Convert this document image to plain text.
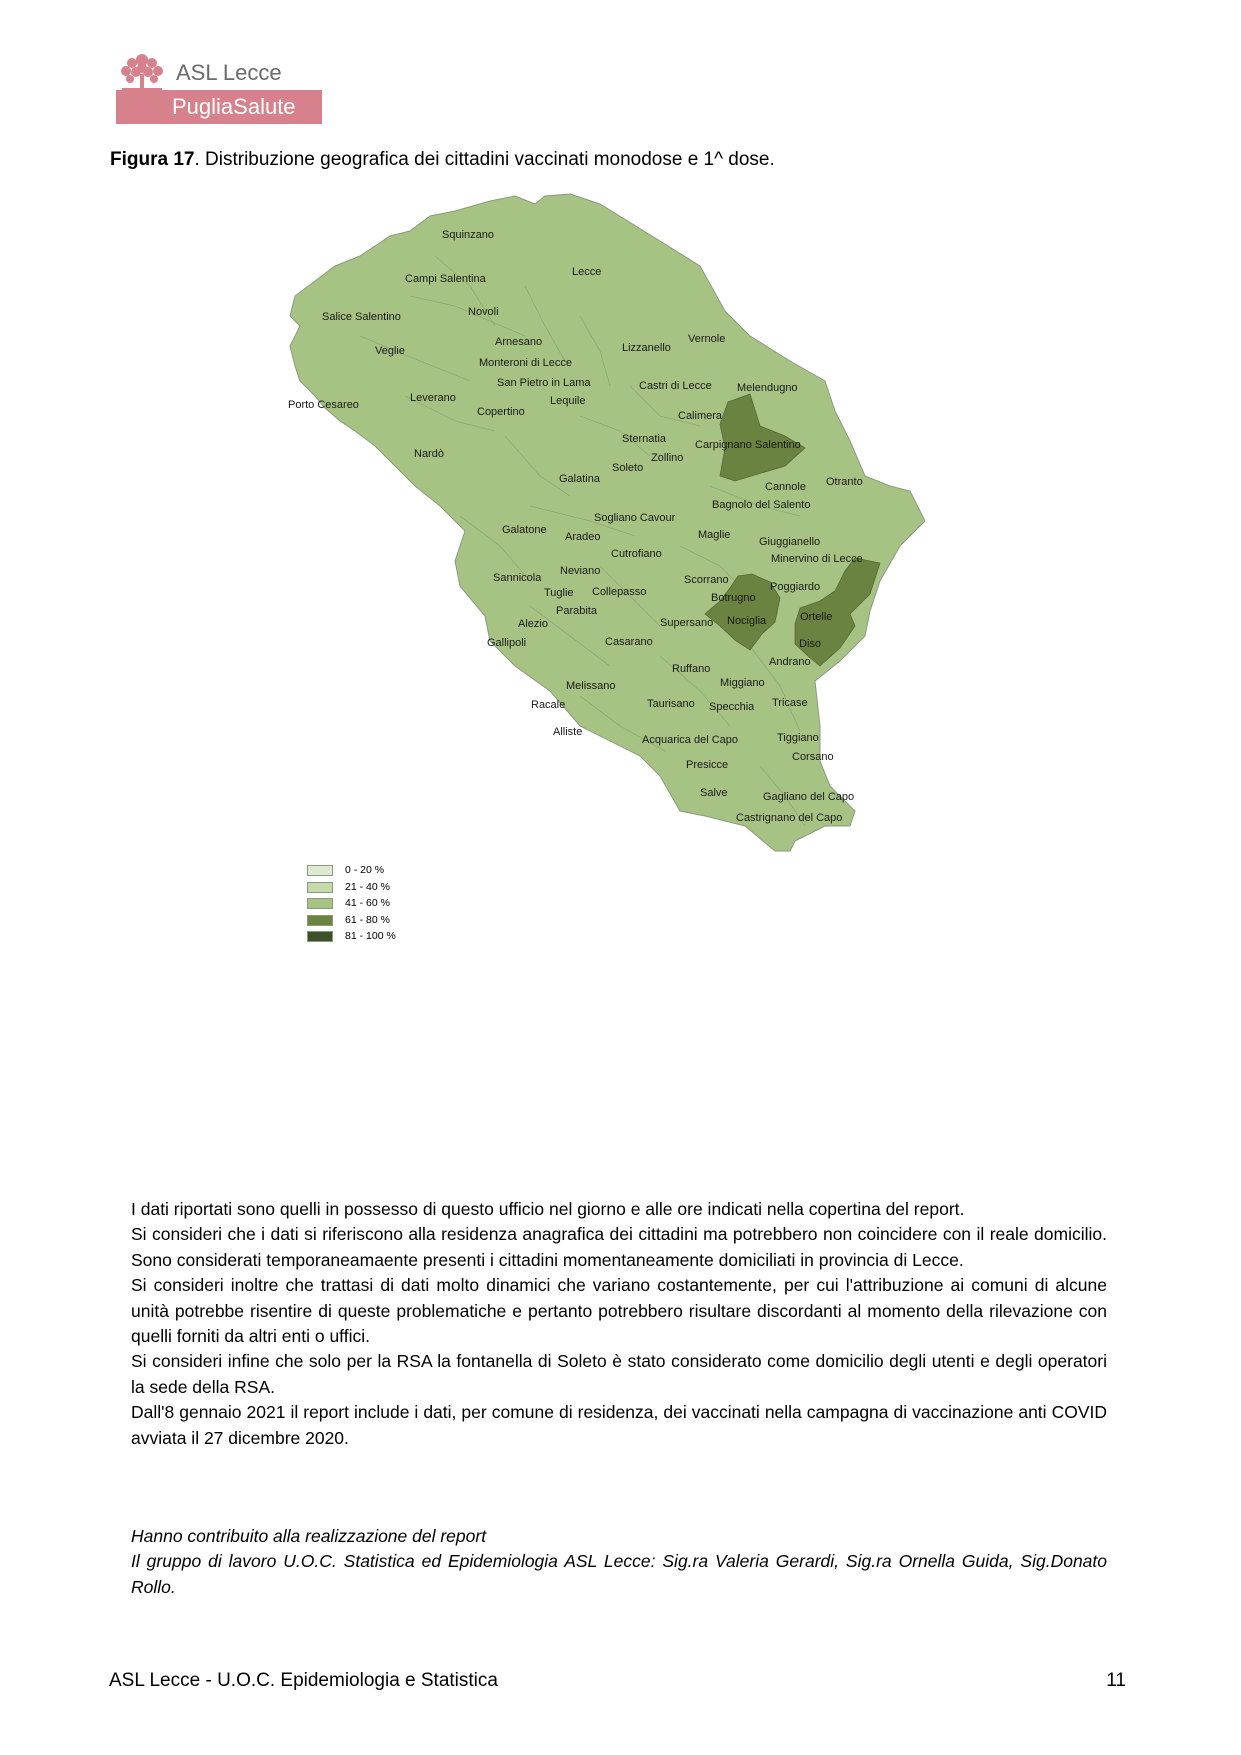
ASL Lecce
PugliaSalute
Figura 17. Distribuzione geografica dei cittadini vaccinati monodose e 1^ dose.
Squinzano
Lecce
Campi Salentina
Salice Salentino	Novoli
Veglie
Arnesano
Monteroni di Lecce
Lizzanello
Vernole
San Pietro in Lama	Castri di Lecce Melendugno
Porto Cesareo
Leverano	Lequile
Copertino	Calimera
Carpignano Salentino
Nardò
Sternatia
Zollino
Soleto
Galatina
Cannole Otranto
Bagnolo del Salento
Sogliano Cavour
Galatone
Aradeo	Maglie
Giuggianello
Cutrofiano	Minervino di Lecce
Neviano
Sannicola	Scorrano
Tuglie Collepasso	Poggiardo
Botrugno
Parabita
Alezio	Supersano Nociglia	Ortelle
Gallipoli	Casarano	Diso
Andrano
Ruffano
Melissano	Miggiano
Racale	Taurisano Specchia Tricase
Alliste
Acquarica del Capo	Tiggiano
Corsano
Presicce
Salve	Gagliano del Capo
Castrignano del Capo
0 - 20 %
21 - 40 %
41 - 60 %
61 - 80 %
81 - 100 %

I dati riportati sono quelli in possesso di questo ufficio nel giorno e alle ore indicati nella copertina del report.

Si consideri che i dati si riferiscono alla residenza anagrafica dei cittadini ma potrebbero non coincidere con il reale domicilio. Sono considerati temporaneamaente presenti i cittadini momentaneamente domiciliati in provincia di Lecce.

Si consideri inoltre che trattasi di dati molto dinamici che variano costantemente, per cui l'attribuzione ai comuni di alcune unità potrebbe risentire di queste problematiche e pertanto potrebbero risultare discordanti al momento della rilevazione con quelli forniti da altri enti o uffici.

Si consideri infine che solo per la RSA la fontanella di Soleto è stato considerato come domicilio degli utenti e degli operatori la sede della RSA.

Dall'8 gennaio 2021 il report include i dati, per comune di residenza, dei vaccinati nella campagna di vaccinazione anti COVID avviata il 27 dicembre 2020.

Hanno contribuito alla realizzazione del report

Il gruppo di lavoro U.O.C. Statistica ed Epidemiologia ASL Lecce: Sig.ra Valeria Gerardi, Sig.ra Ornella Guida, Sig.Donato Rollo.

ASL Lecce - U.O.C. Epidemiologia e Statistica	11
